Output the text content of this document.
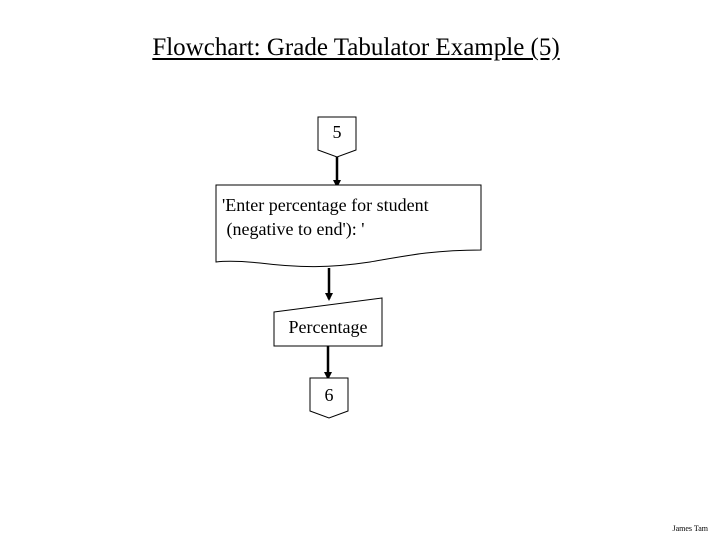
Flowchart: Grade Tabulator Example (5)
5
'Enter percentage for student
(negative to end'): '
Percentage
6
James Tam
